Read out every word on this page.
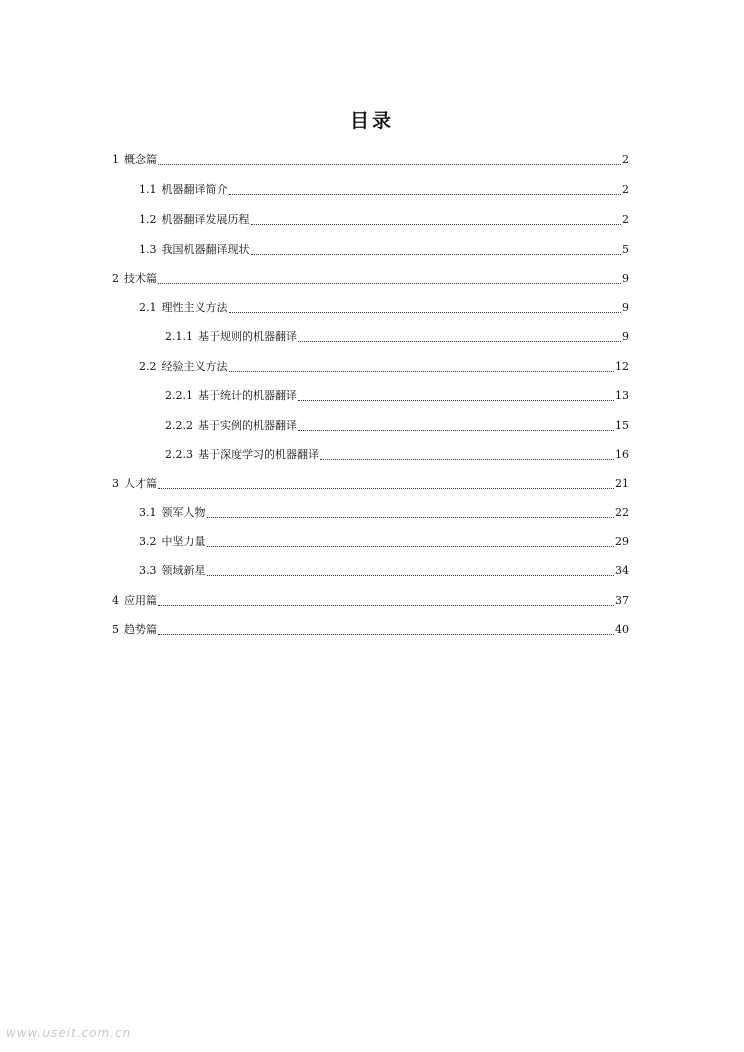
目录
1 概念篇	2
1.1 机器翻译简介	2
1.2 机器翻译发展历程	2
1.3 我国机器翻译现状	5
2 技术篇	9
2.1 理性主义方法	9
2.1.1 基于规则的机器翻译	9
2.2 经验主义方法	12
2.2.1 基于统计的机器翻译	13
2.2.2 基于实例的机器翻译	15
2.2.3 基于深度学习的机器翻译	16
3 人才篇	21
3.1 领军人物	22
3.2 中坚力量	29
3.3 领域新星	34
4 应用篇	37
5 趋势篇	40
www.useit.com.cn
